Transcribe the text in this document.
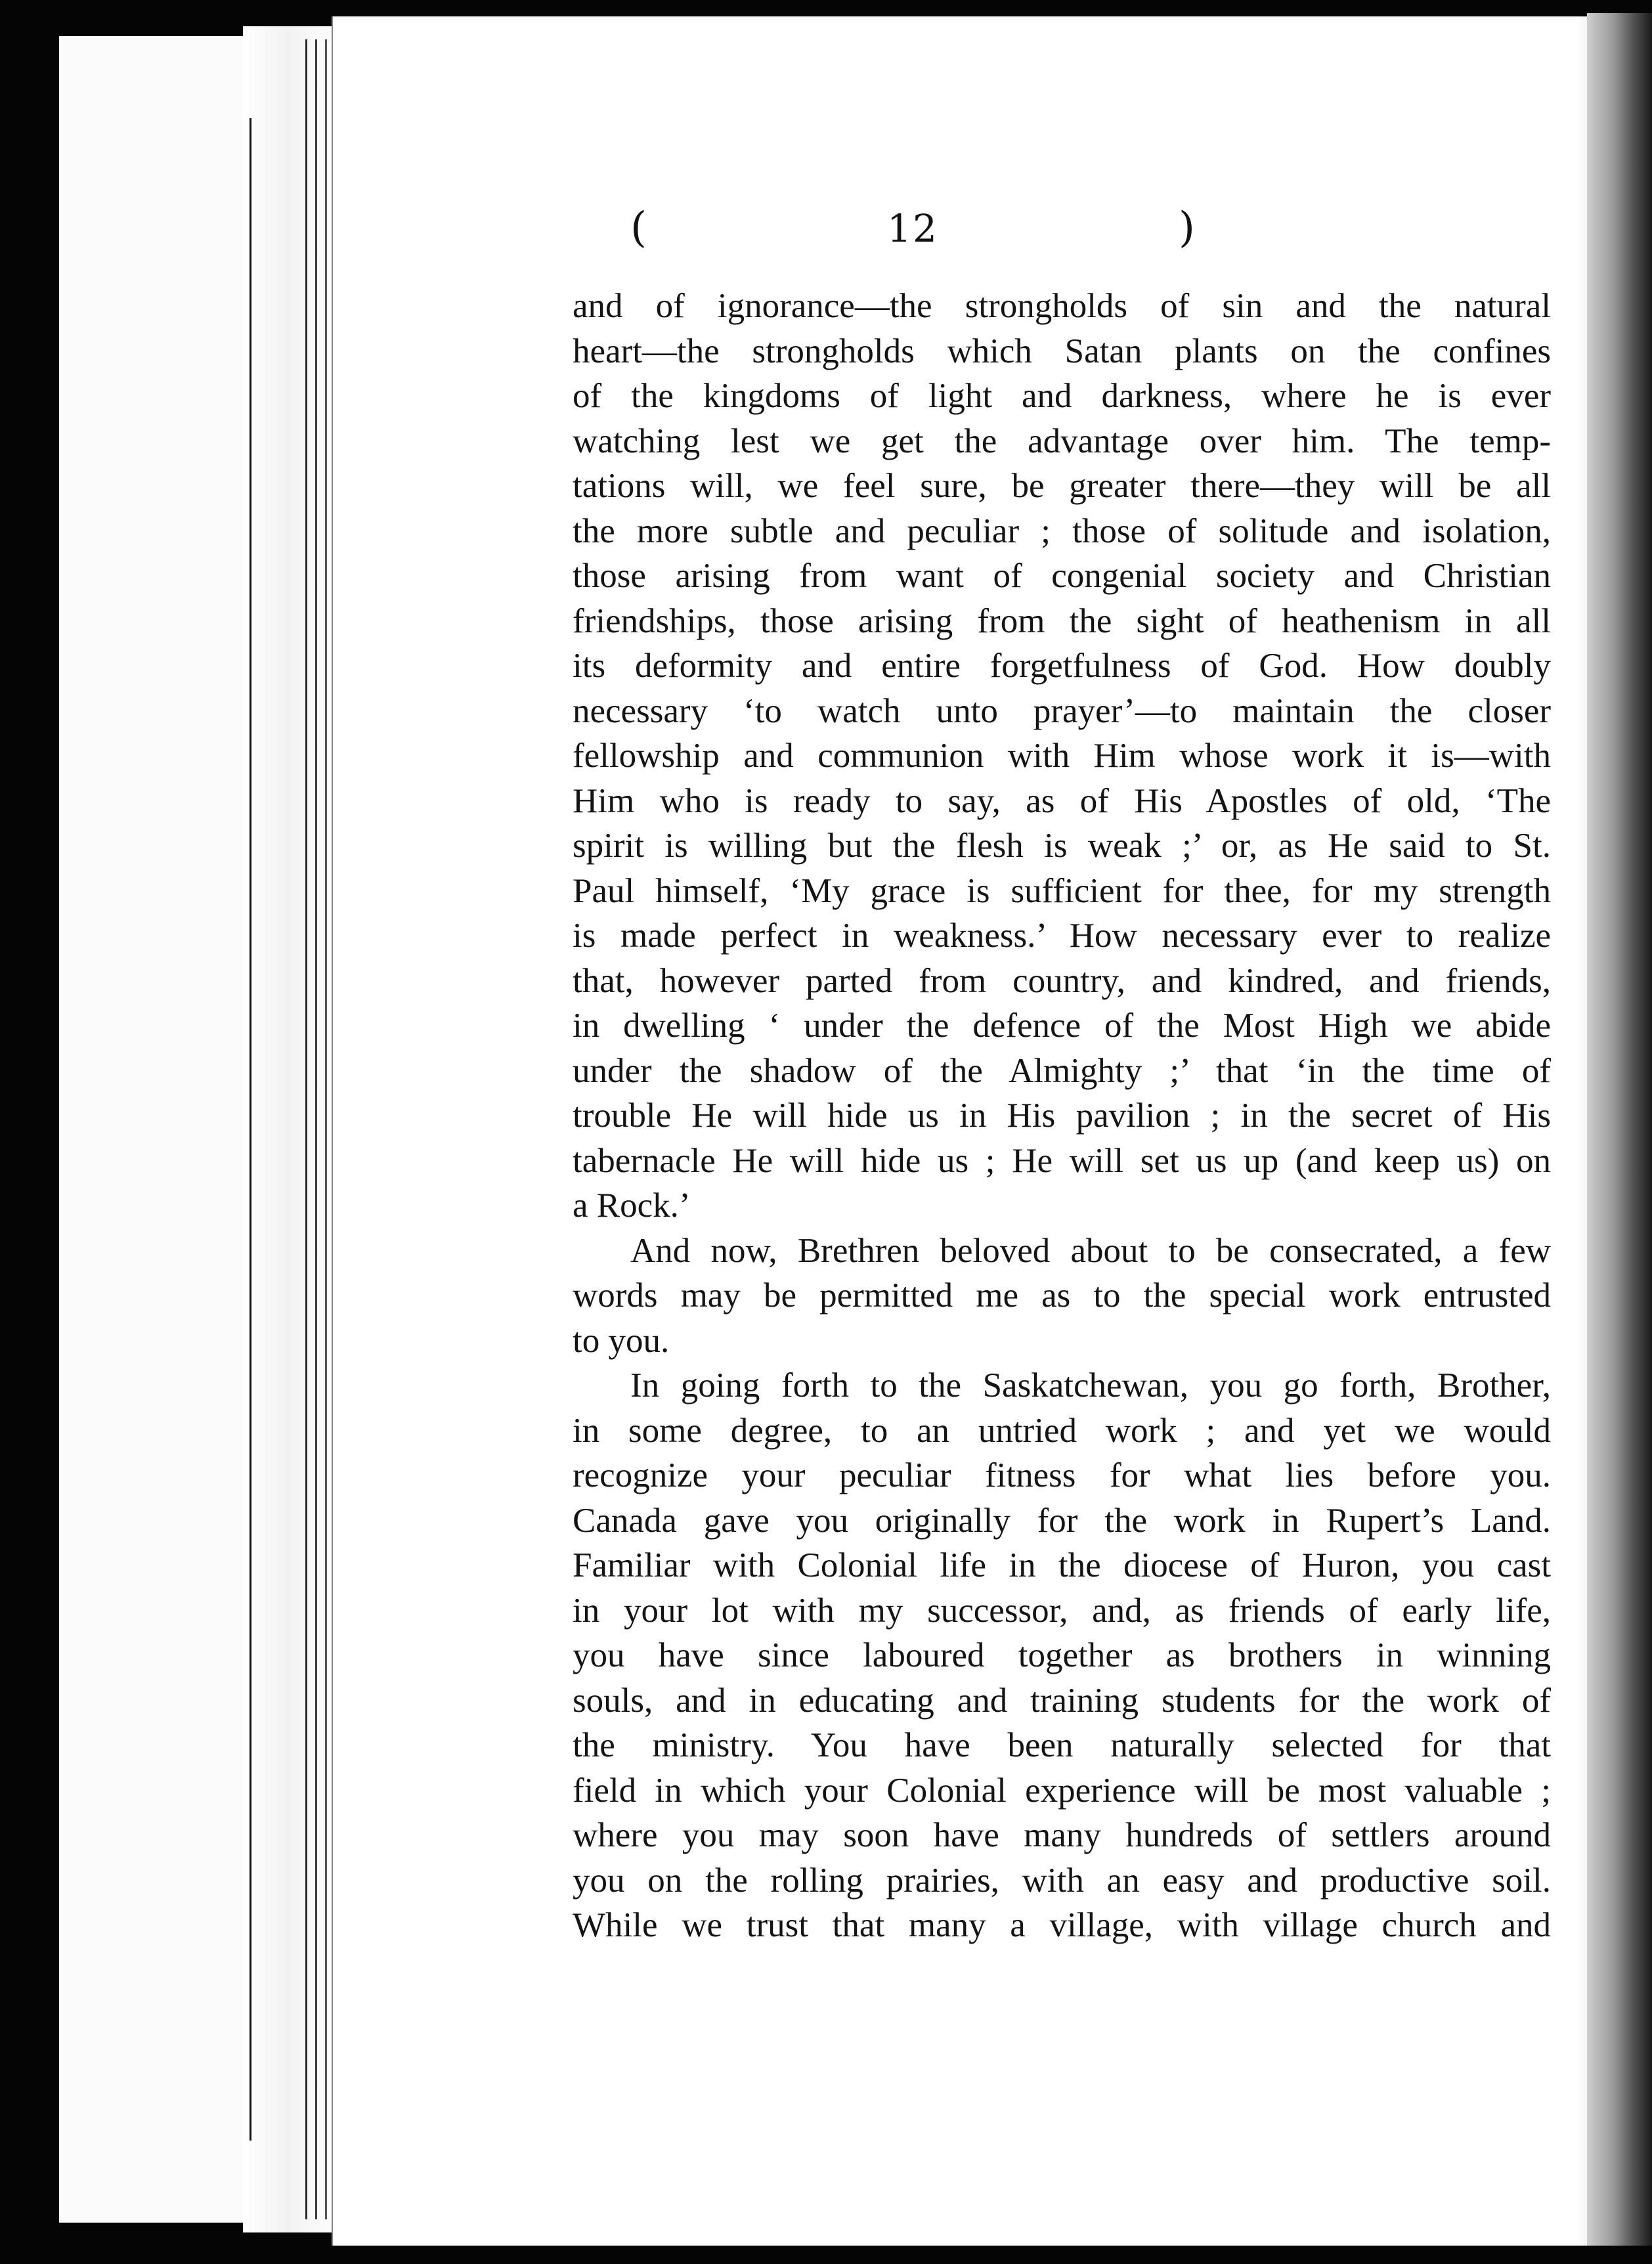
(	12	)
and of ignorance—the strongholds of sin and the natural
heart—the strongholds which Satan plants on the confines
of the kingdoms of light and darkness, where he is ever
watching lest we get the advantage over him. The temp-
tations will, we feel sure, be greater there—they will be all
the more subtle and peculiar ; those of solitude and isolation,
those arising from want of congenial society and Christian
friendships, those arising from the sight of heathenism in all
its deformity and entire forgetfulness of God. How doubly
necessary ‘to watch unto prayer’—to maintain the closer
fellowship and communion with Him whose work it is—with
Him who is ready to say, as of His Apostles of old, ‘The
spirit is willing but the flesh is weak ;’ or, as He said to St.
Paul himself, ‘My grace is sufficient for thee, for my strength
is made perfect in weakness.’ How necessary ever to realize
that, however parted from country, and kindred, and friends,
in dwelling ‘ under the defence of the Most High we abide
under the shadow of the Almighty ;’ that ‘in the time of
trouble He will hide us in His pavilion ; in the secret of His
tabernacle He will hide us ; He will set us up (and keep us) on
a Rock.’
And now, Brethren beloved about to be consecrated, a few
words may be permitted me as to the special work entrusted
to you.
In going forth to the Saskatchewan, you go forth, Brother,
in some degree, to an untried work ; and yet we would
recognize your peculiar fitness for what lies before you.
Canada gave you originally for the work in Rupert’s Land.
Familiar with Colonial life in the diocese of Huron, you cast
in your lot with my successor, and, as friends of early life,
you have since laboured together as brothers in winning
souls, and in educating and training students for the work of
the ministry. You have been naturally selected for that
field in which your Colonial experience will be most valuable ;
where you may soon have many hundreds of settlers around
you on the rolling prairies, with an easy and productive soil.
While we trust that many a village, with village church and
